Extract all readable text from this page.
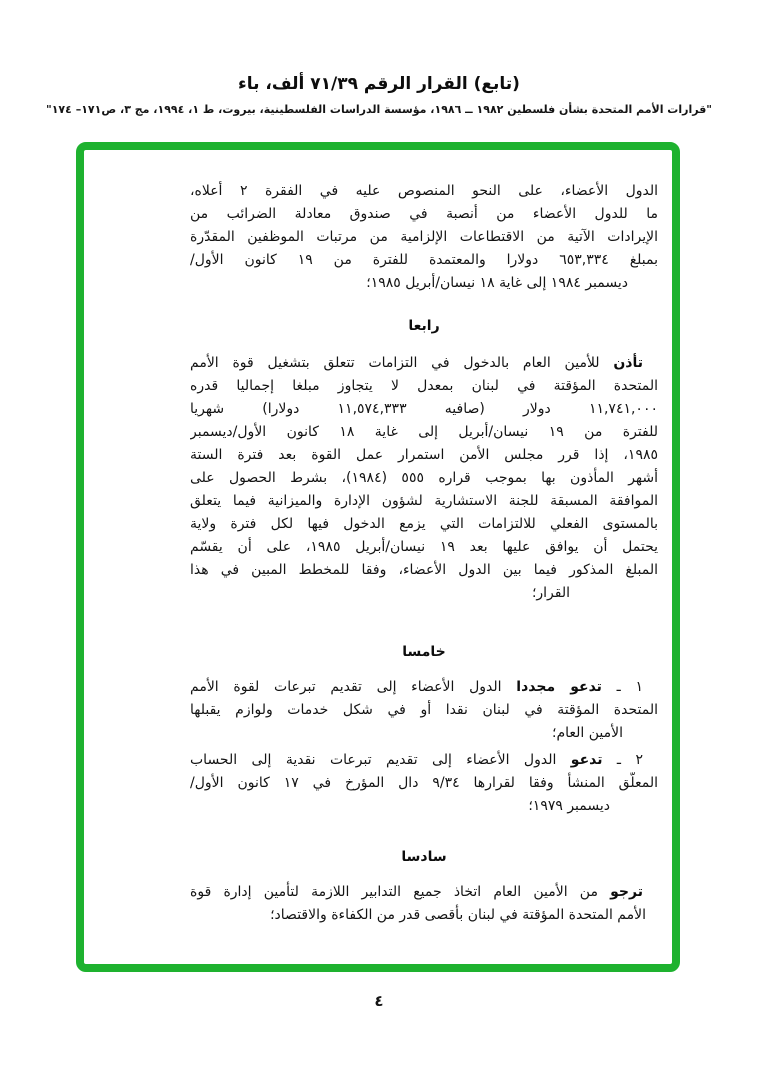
(تابع) القرار الرقم ٧١/٣٩ ألف، باء
"قرارات الأمم المتحدة بشأن فلسطين ١٩٨٢ ــ ١٩٨٦، مؤسسة الدراسات الفلسطينية، بيروت، ط ١، ١٩٩٤، مج ٣، ص١٧١– ١٧٤"
الدول الأعضاء، على النحو المنصوص عليه في الفقرة ٢ أعلاه،
ما للدول الأعضاء من أنصبة في صندوق معادلة الضرائب من
الإيرادات الآتية من الاقتطاعات الإلزامية من مرتبات الموظفين المقدّرة
بمبلغ ٦٥٣,٣٣٤ دولارا والمعتمدة للفترة من ١٩ كانون الأول/
ديسمبر ١٩٨٤ إلى غاية ١٨ نيسان/أبريل ١٩٨٥؛
رابعا
تأذن للأمين العام بالدخول في التزامات تتعلق بتشغيل قوة الأمم
المتحدة المؤقتة في لبنان بمعدل لا يتجاوز مبلغا إجماليا قدره
١١,٧٤١,٠٠٠ دولار (صافيه ١١,٥٧٤,٣٣٣ دولارا) شهريا
للفترة من ١٩ نيسان/أبريل إلى غاية ١٨ كانون الأول/ديسمبر
١٩٨٥، إذا قرر مجلس الأمن استمرار عمل القوة بعد فترة الستة
أشهر المأذون بها بموجب قراره ٥٥٥ (١٩٨٤)، بشرط الحصول على
الموافقة المسبقة للجنة الاستشارية لشؤون الإدارة والميزانية فيما يتعلق
بالمستوى الفعلي للالتزامات التي يزمع الدخول فيها لكل فترة ولاية
يحتمل أن يوافق عليها بعد ١٩ نيسان/أبريل ١٩٨٥، على أن يقسّم
المبلغ المذكور فيما بين الدول الأعضاء، وفقا للمخطط المبين في هذا
القرار؛
خامسا
١ ـ تدعو مجددا الدول الأعضاء إلى تقديم تبرعات لقوة الأمم
المتحدة المؤقتة في لبنان نقدا أو في شكل خدمات ولوازم يقبلها
الأمين العام؛
٢ ـ تدعو الدول الأعضاء إلى تقديم تبرعات نقدية إلى الحساب
المعلّق المنشأ وفقا لقرارها ٩/٣٤ دال المؤرخ في ١٧ كانون الأول/
ديسمبر ١٩٧٩؛
سادسا
ترجو من الأمين العام اتخاذ جميع التدابير اللازمة لتأمين إدارة قوة
الأمم المتحدة المؤقتة في لبنان بأقصى قدر من الكفاءة والاقتصاد؛
٤
